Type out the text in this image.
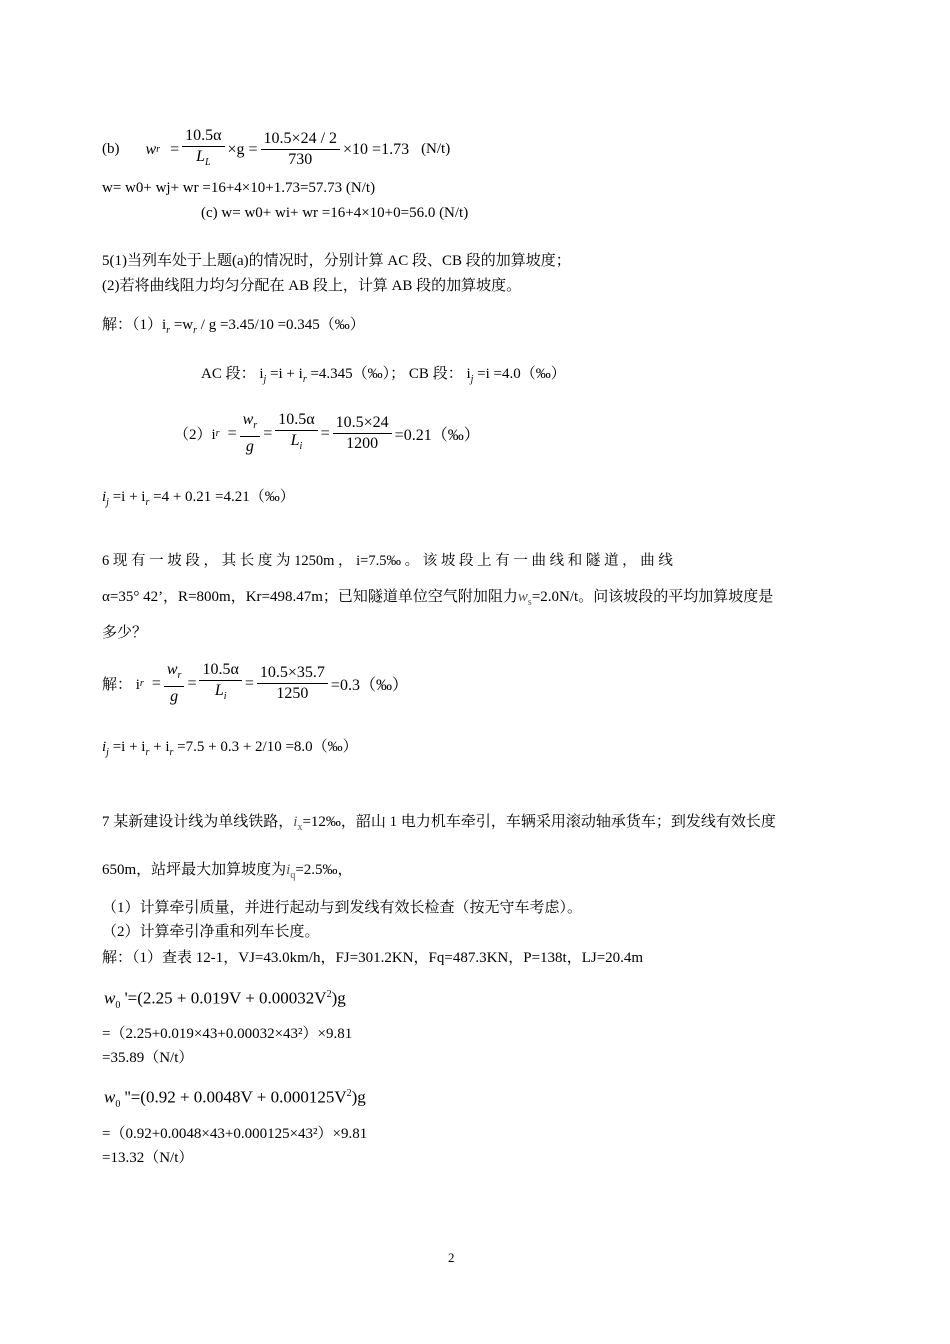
(b) w $r = \frac{10.5\alpha}{L_L} \times g = \frac{10.5\times 24 / 2}{730} \times 10 =1.73$ (N/t)
w= w0+ wj+ wr =16+4×10+1.73=57.73 (N/t)
(c) w= w0+ wi+ wr =16+4×10+0=56.0 (N/t)
5(1)当列车处于上题(a)的情况时，分别计算 AC 段、CB 段的加算坡度；
(2)若将曲线阻力均匀分配在 AB 段上，计算 AB 段的加算坡度。
解：$(1)i_r =w_r / g =3.45/10$ =0.345（‰）
AC 段： $i_j =i + i_r$ =4.345（‰）； CB 段： $i_j =i$ =4.0（‰）
（2）i $r = \frac{w_r}{g} = \frac{10.5\alpha}{L_i} = \frac{10.5\times 24}{1200}$ =0.21（‰）
$i_j =i + i_r =4 + 0.21$ =4.21（‰）
6 现 有 一 坡 段 ， 其 长 度 为 1250m ， i=7.5‰ 。 该 坡 段 上 有 一 曲 线 和 隧 道 ， 曲 线
α=35° 42’，R=800m，Kr=498.47m；已知隧道单位空气附加阻力$w_s=2.0N/t$。问该坡段的平均加算坡度是
多少？
解： i $r = \frac{w_r}{g} = \frac{10.5\alpha}{L_i} = \frac{10.5\times 35.7}{1250}$ =0.3（‰）
$i_j =i + i_r + i_r =7.5 + 0.3 + 2/10$ =8.0（‰）
7 某新建设计线为单线铁路，$i_x=12‰$，韶山 1 电力机车牵引，车辆采用滚动轴承货车；到发线有效长度
650m，站坪最大加算坡度为$i_q=2.5‰$，
（1）计算牵引质量，并进行起动与到发线有效长检查（按无守车考虑）。
（2）计算牵引净重和列车长度。
解：（1）查表 12-1，VJ=43.0km/h，FJ=301.2KN，Fq=487.3KN，P=138t，LJ=20.4m
$w_0$ '$=(2.25 + 0.019V + 0.00032V^2)g$
=（2.25+0.019×43+0.00032×43²）×9.81
=35.89（N/t）
$w_0$ ''$=(0.92 + 0.0048V + 0.000125V^2)g$
=（0.92+0.0048×43+0.000125×43²）×9.81
=13.32（N/t）
2
